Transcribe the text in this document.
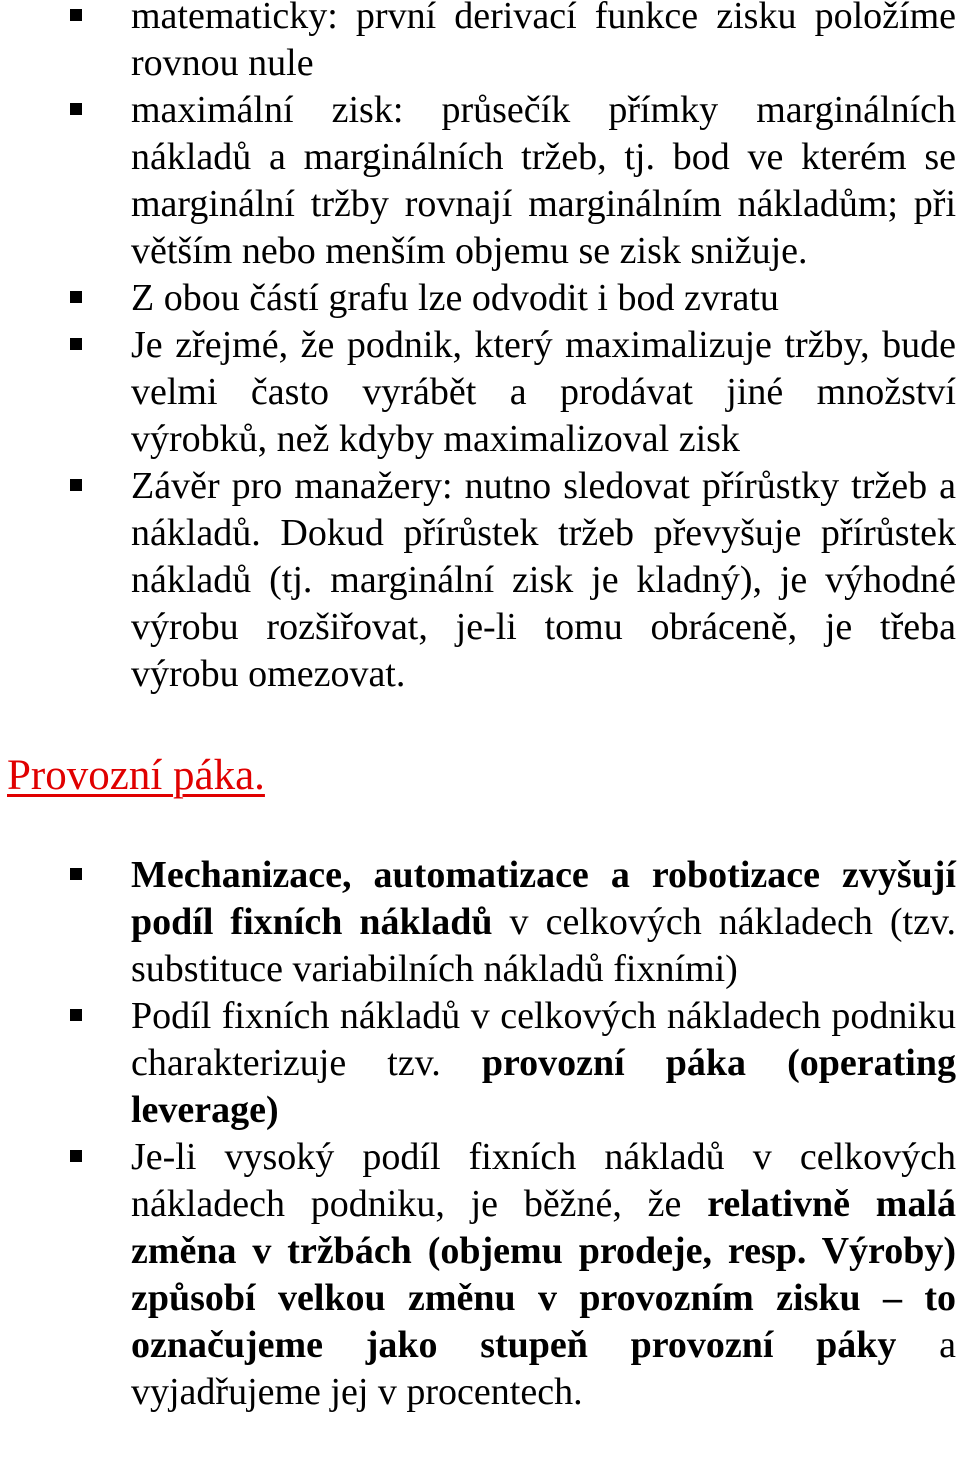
matematicky: první derivací funkce zisku položíme rovnou nule
maximální zisk: průsečík přímky marginálních nákladů a marginálních tržeb, tj. bod ve kterém se marginální tržby rovnají marginálním nákladům; při větším nebo menším objemu se zisk snižuje.
Z obou částí grafu lze odvodit i bod zvratu
Je zřejmé, že podnik, který maximalizuje tržby, bude velmi často vyrábět a prodávat jiné množství výrobků, než kdyby maximalizoval zisk
Závěr pro manažery: nutno sledovat přírůstky tržeb a nákladů. Dokud přírůstek tržeb převyšuje přírůstek nákladů (tj. marginální zisk je kladný), je výhodné výrobu rozšiřovat, je-li tomu obráceně, je třeba výrobu omezovat.
Provozní páka.
Mechanizace, automatizace a robotizace zvyšují podíl fixních nákladů v celkových nákladech (tzv. substituce variabilních nákladů fixními)
Podíl fixních nákladů v celkových nákladech podniku charakterizuje tzv. provozní páka (operating leverage)
Je-li vysoký podíl fixních nákladů v celkových nákladech podniku, je běžné, že relativně malá změna v tržbách (objemu prodeje, resp. Výroby) způsobí velkou změnu v provozním zisku – to označujeme jako stupeň provozní páky a vyjadřujeme jej v procentech.
